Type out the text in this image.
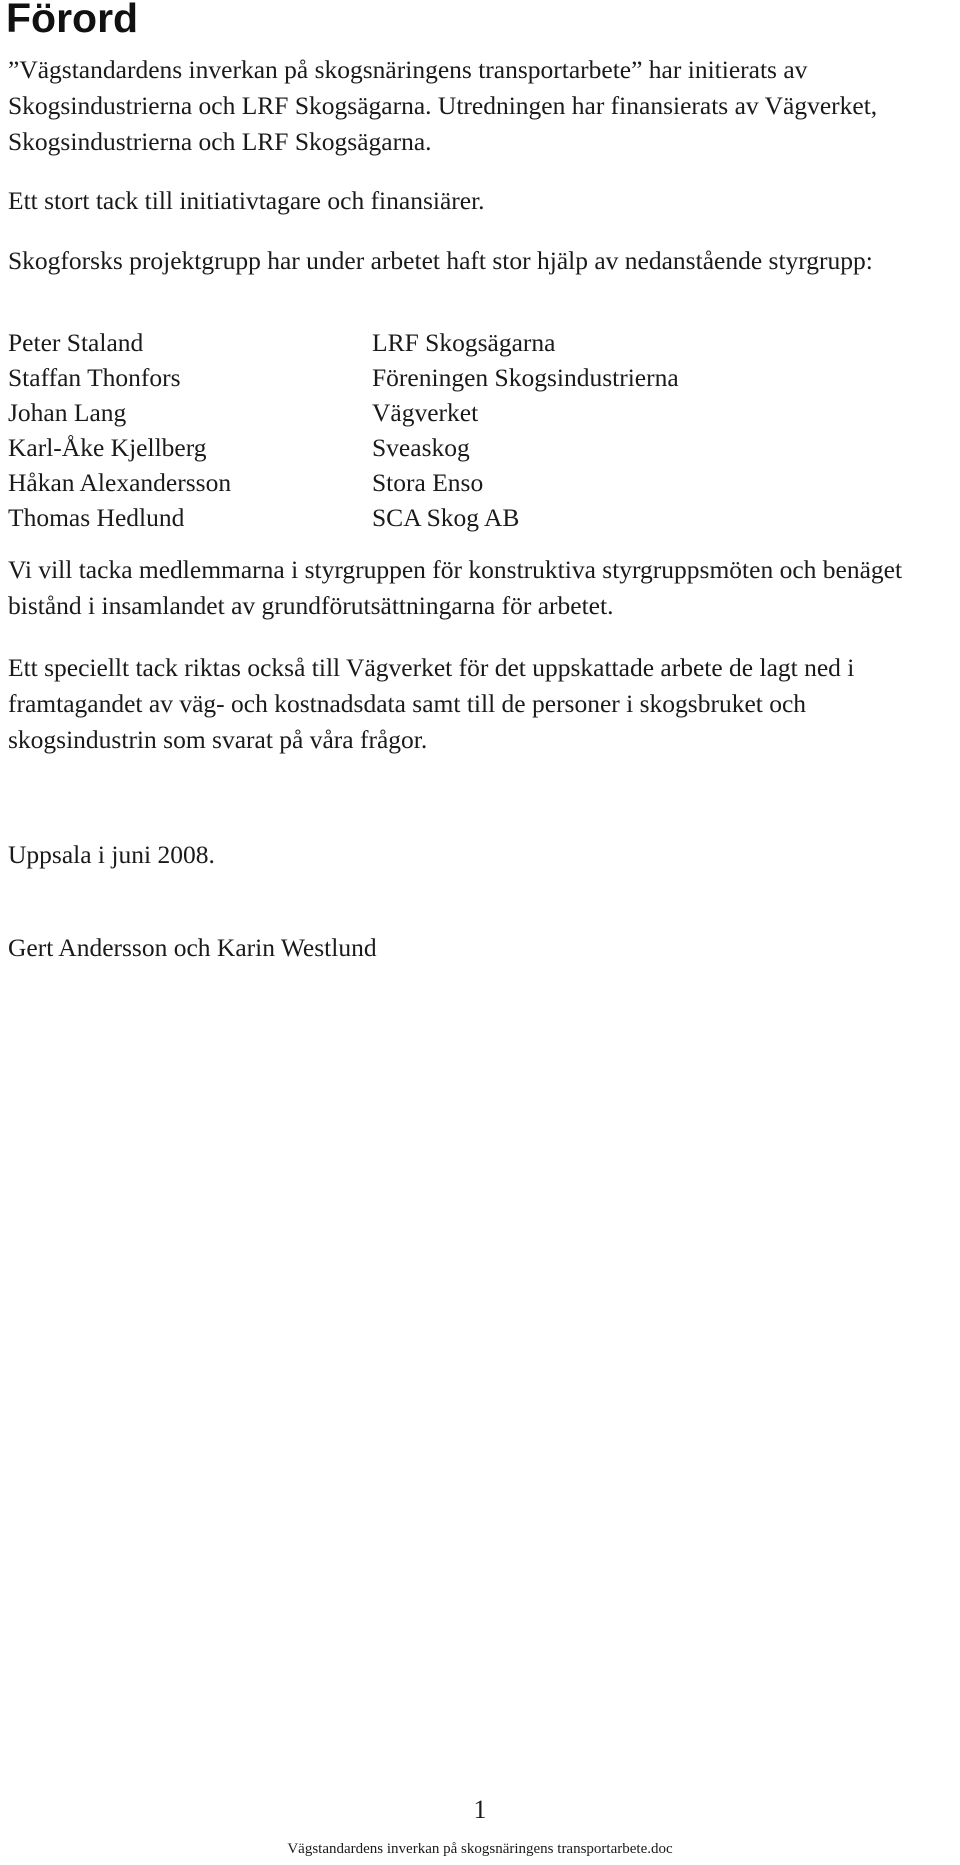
Förord

”Vägstandardens inverkan på skogsnäringens transportarbete” har initierats av Skogsindustrierna och LRF Skogsägarna. Utredningen har finansierats av Vägverket, Skogsindustrierna och LRF Skogsägarna.

Ett stort tack till initiativtagare och finansiärer.

Skogforsks projektgrupp har under arbetet haft stor hjälp av nedanstående styrgrupp:

Peter Staland	LRF Skogsägarna
Staffan Thonfors	Föreningen Skogsindustrierna
Johan Lang	Vägverket
Karl-Åke Kjellberg	Sveaskog
Håkan Alexandersson	Stora Enso
Thomas Hedlund	SCA Skog AB

Vi vill tacka medlemmarna i styrgruppen för konstruktiva styrgruppsmöten och benäget bistånd i insamlandet av grundförutsättningarna för arbetet.

Ett speciellt tack riktas också till Vägverket för det uppskattade arbete de lagt ned i framtagandet av väg- och kostnadsdata samt till de personer i skogsbruket och skogsindustrin som svarat på våra frågor.

Uppsala i juni 2008.

Gert Andersson och Karin Westlund

1
Vägstandardens inverkan på skogsnäringens transportarbete.doc
